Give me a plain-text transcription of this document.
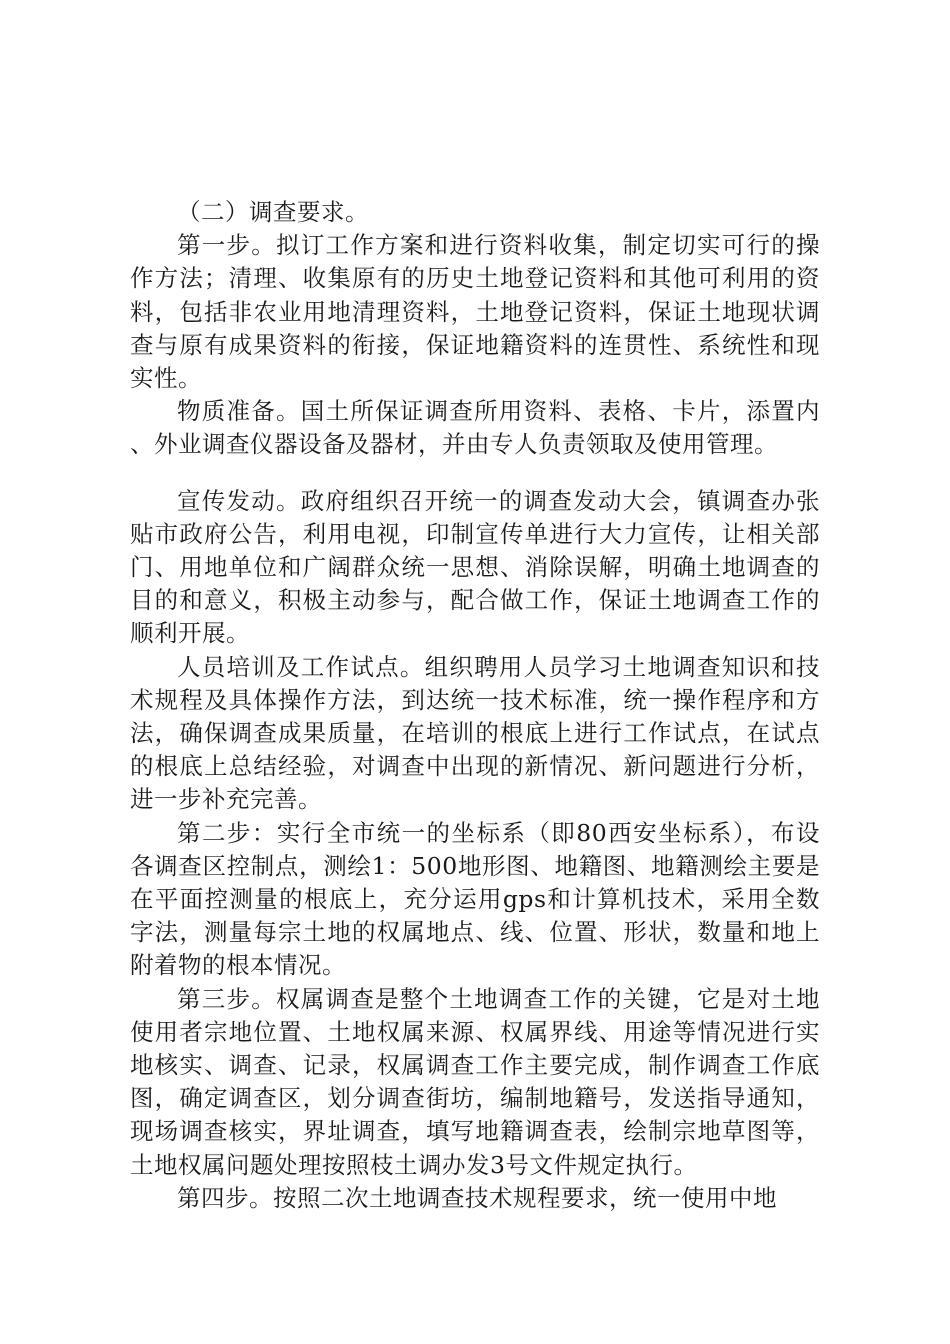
（二）调查要求。

第一步。拟订工作方案和进行资料收集，制定切实可行的操作方法；清理、收集原有的历史土地登记资料和其他可利用的资料，包括非农业用地清理资料，土地登记资料，保证土地现状调查与原有成果资料的衔接，保证地籍资料的连贯性、系统性和现实性。

物质准备。国土所保证调查所用资料、表格、卡片，添置内、外业调查仪器设备及器材，并由专人负责领取及使用管理。

宣传发动。政府组织召开统一的调查发动大会，镇调查办张贴市政府公告，利用电视，印制宣传单进行大力宣传，让相关部门、用地单位和广阔群众统一思想、消除误解，明确土地调查的目的和意义，积极主动参与，配合做工作，保证土地调查工作的顺利开展。

人员培训及工作试点。组织聘用人员学习土地调查知识和技术规程及具体操作方法，到达统一技术标准，统一操作程序和方法，确保调查成果质量，在培训的根底上进行工作试点，在试点的根底上总结经验，对调查中出现的新情况、新问题进行分析，进一步补充完善。

第二步：实行全市统一的坐标系（即80西安坐标系），布设各调查区控制点，测绘1：500地形图、地籍图、地籍测绘主要是在平面控测量的根底上，充分运用gps和计算机技术，采用全数字法，测量每宗土地的权属地点、线、位置、形状，数量和地上附着物的根本情况。

第三步。权属调查是整个土地调查工作的关键，它是对土地使用者宗地位置、土地权属来源、权属界线、用途等情况进行实地核实、调查、记录，权属调查工作主要完成，制作调查工作底图，确定调查区，划分调查街坊，编制地籍号，发送指导通知，现场调查核实，界址调查，填写地籍调查表，绘制宗地草图等，土地权属问题处理按照枝土调办发3号文件规定执行。

第四步。按照二次土地调查技术规程要求，统一使用中地
